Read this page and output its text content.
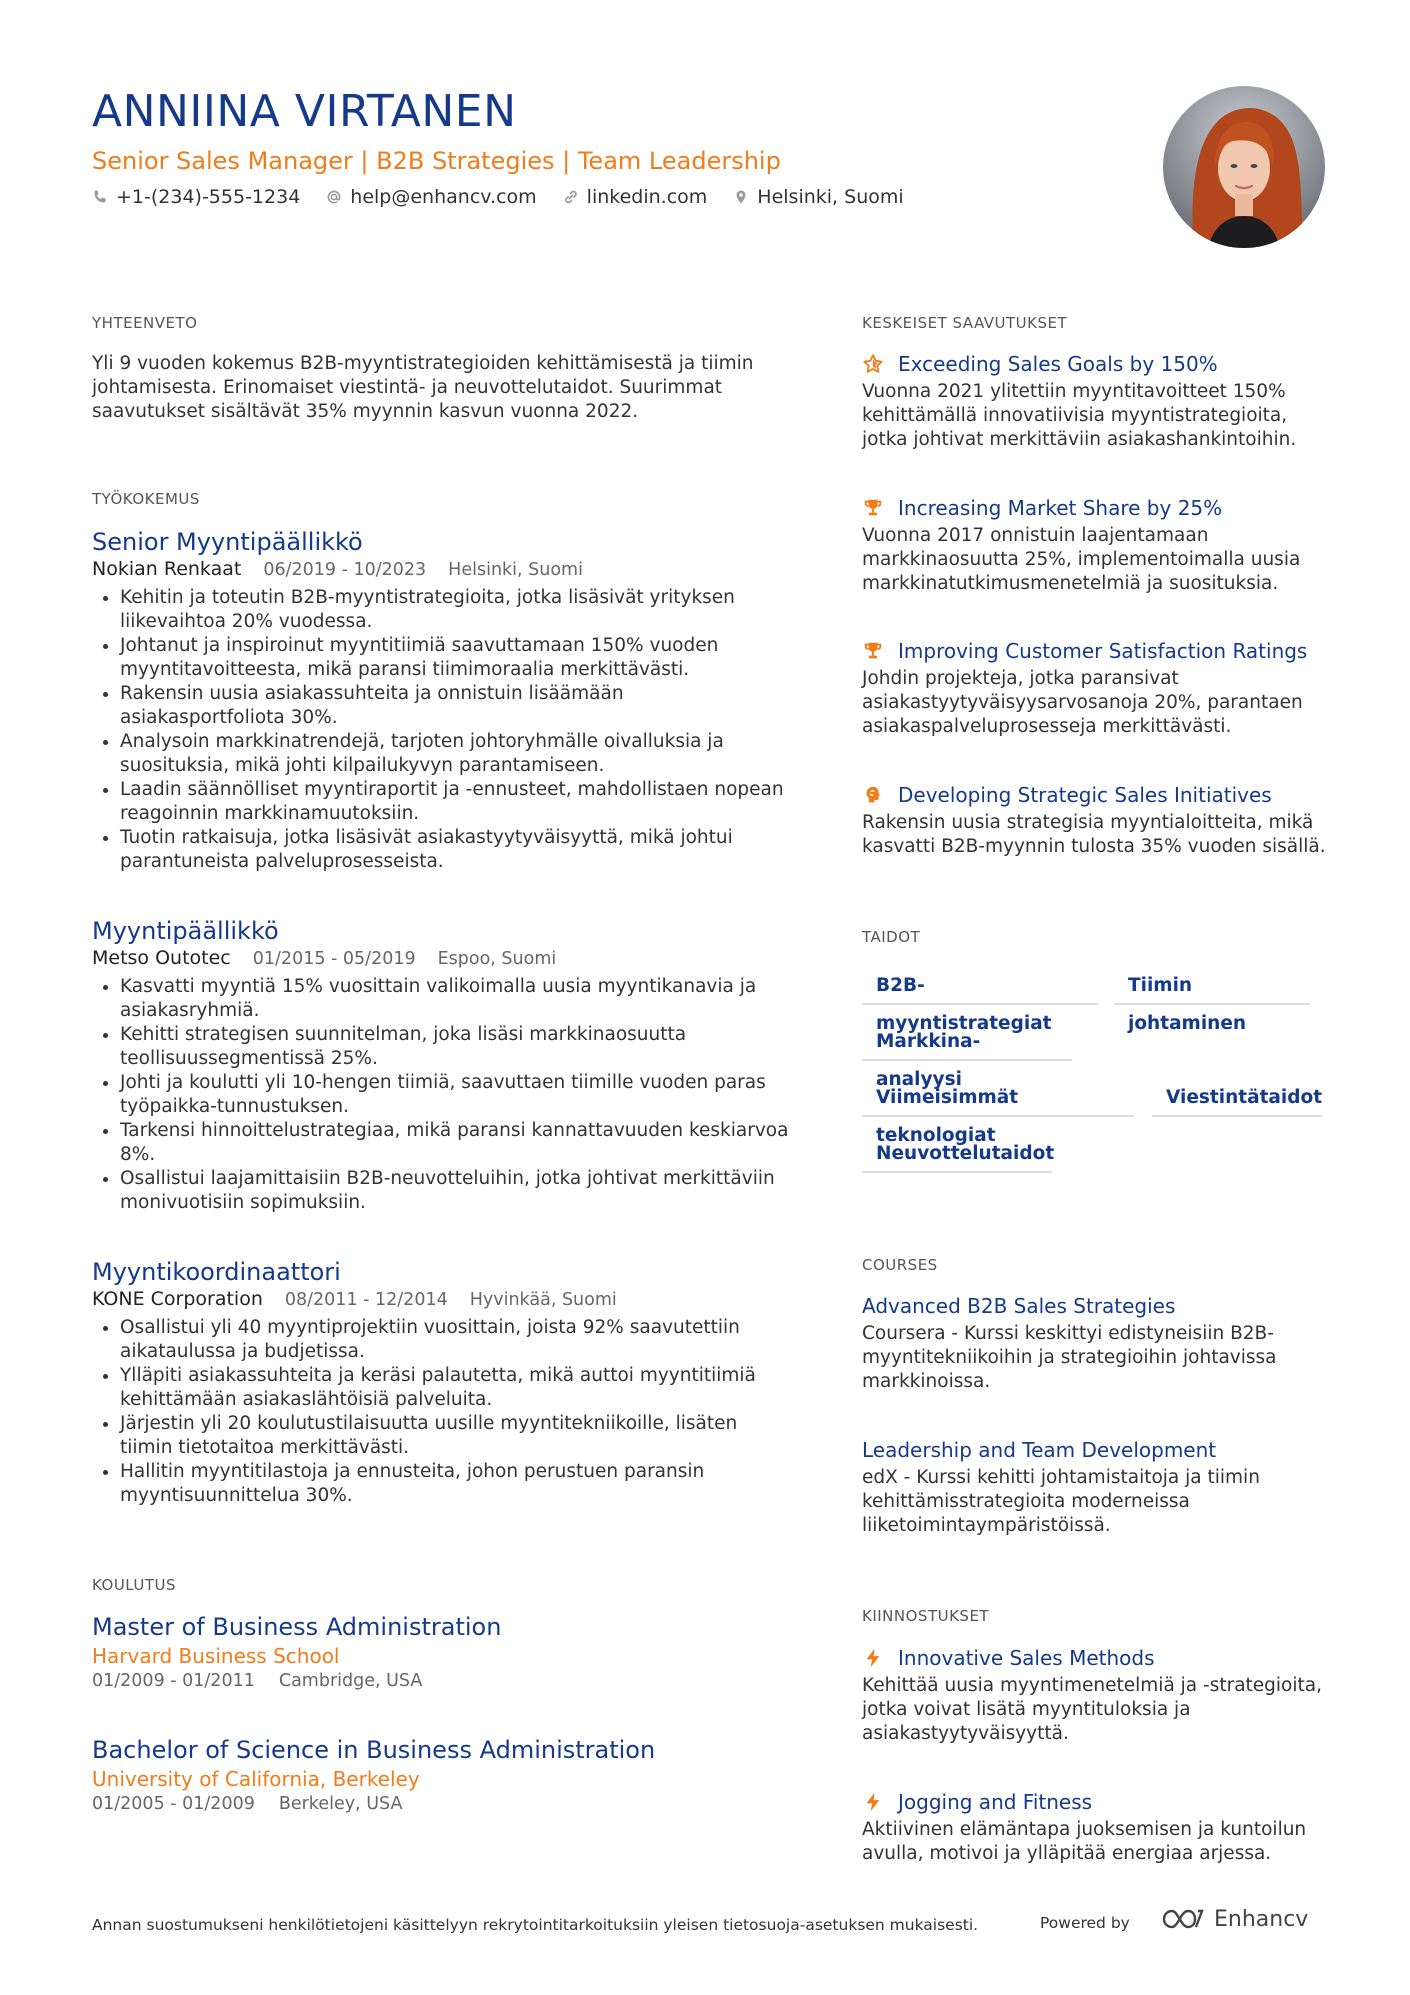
ANNIINA VIRTANEN
Senior Sales Manager | B2B Strategies | Team Leadership
+1-(234)-555-1234	help@enhancv.com	linkedin.com	Helsinki, Suomi
YHTEENVETO
Yli 9 vuoden kokemus B2B-myyntistrategioiden kehittämisestä ja tiimin johtamisesta. Erinomaiset viestintä- ja neuvottelutaidot. Suurimmat saavutukset sisältävät 35% myynnin kasvun vuonna 2022.
TYÖKOKEMUS
Senior Myyntipäällikkö
Nokian Renkaat 06/2019 - 10/2023 Helsinki, Suomi
• Kehitin ja toteutin B2B-myyntistrategioita, jotka lisäsivät yrityksen liikevaihtoa 20% vuodessa.
• Johtanut ja inspiroinut myyntitiimiä saavuttamaan 150% vuoden myyntitavoitteesta, mikä paransi tiimimoraalia merkittävästi.
• Rakensin uusia asiakassuhteita ja onnistuin lisäämään asiakasportfoliota 30%.
• Analysoin markkinatrendejä, tarjoten johtoryhmälle oivalluksia ja suosituksia, mikä johti kilpailukyvyn parantamiseen.
• Laadin säännölliset myyntiraportit ja -ennusteet, mahdollistaen nopean reagoinnin markkinamuutoksiin.
• Tuotin ratkaisuja, jotka lisäsivät asiakastyytyväisyyttä, mikä johtui parantuneista palveluprosesseista.
Myyntipäällikkö
Metso Outotec 01/2015 - 05/2019 Espoo, Suomi
• Kasvatti myyntiä 15% vuosittain valikoimalla uusia myyntikanavia ja asiakasryhmiä.
• Kehitti strategisen suunnitelman, joka lisäsi markkinaosuutta teollisuussegmentissä 25%.
• Johti ja koulutti yli 10-hengen tiimiä, saavuttaen tiimille vuoden paras työpaikka-tunnustuksen.
• Tarkensi hinnoittelustrategiaa, mikä paransi kannattavuuden keskiarvoa 8%.
• Osallistui laajamittaisiin B2B-neuvotteluihin, jotka johtivat merkittäviin monivuotisiin sopimuksiin.
Myyntikoordinaattori
KONE Corporation 08/2011 - 12/2014 Hyvinkää, Suomi
• Osallistui yli 40 myyntiprojektiin vuosittain, joista 92% saavutettiin aikataulussa ja budjetissa.
• Ylläpiti asiakassuhteita ja keräsi palautetta, mikä auttoi myyntitiimiä kehittämään asiakaslähtöisiä palveluita.
• Järjestin yli 20 koulutustilaisuutta uusille myyntitekniikoille, lisäten tiimin tietotaitoa merkittävästi.
• Hallitin myyntitilastoja ja ennusteita, johon perustuen paransin myyntisuunnittelua 30%.
KOULUTUS
Master of Business Administration
Harvard Business School
01/2009 - 01/2011 Cambridge, USA
Bachelor of Science in Business Administration
University of California, Berkeley
01/2005 - 01/2009 Berkeley, USA
KESKEISET SAAVUTUKSET
Exceeding Sales Goals by 150%
Vuonna 2021 ylitettiin myyntitavoitteet 150% kehittämällä innovatiivisia myyntistrategioita, jotka johtivat merkittäviin asiakashankintoihin.
Increasing Market Share by 25%
Vuonna 2017 onnistuin laajentamaan markkinaosuutta 25%, implementoimalla uusia markkinatutkimusmenetelmiä ja suosituksia.
Improving Customer Satisfaction Ratings
Johdin projekteja, jotka paransivat asiakastyytyväisyysarvosanoja 20%, parantaen asiakaspalveluprosesseja merkittävästi.
Developing Strategic Sales Initiatives
Rakensin uusia strategisia myyntialoitteita, mikä kasvatti B2B-myynnin tulosta 35% vuoden sisällä.
TAIDOT
B2B-myyntistrategiat
Tiimin johtaminen
Markkina-analyysi
Viimeisimmät teknologiat
Viestintätaidot
Neuvottelutaidot
COURSES
Advanced B2B Sales Strategies
Coursera - Kurssi keskittyi edistyneisiin B2B-myyntitekniikoihin ja strategioihin johtavissa markkinoissa.
Leadership and Team Development
edX - Kurssi kehitti johtamistaitoja ja tiimin kehittämisstrategioita moderneissa liiketoimintaympäristöissä.
KIINNOSTUKSET
Innovative Sales Methods
Kehittää uusia myyntimenetelmiä ja -strategioita, jotka voivat lisätä myyntituloksia ja asiakastyytyväisyyttä.
Jogging and Fitness
Aktiivinen elämäntapa juoksemisen ja kuntoilun avulla, motivoi ja ylläpitää energiaa arjessa.
Annan suostumukseni henkilötietojeni käsittelyyn rekrytointitarkoituksiin yleisen tietosuoja-asetuksen mukaisesti.	Powered by	Enhancv
